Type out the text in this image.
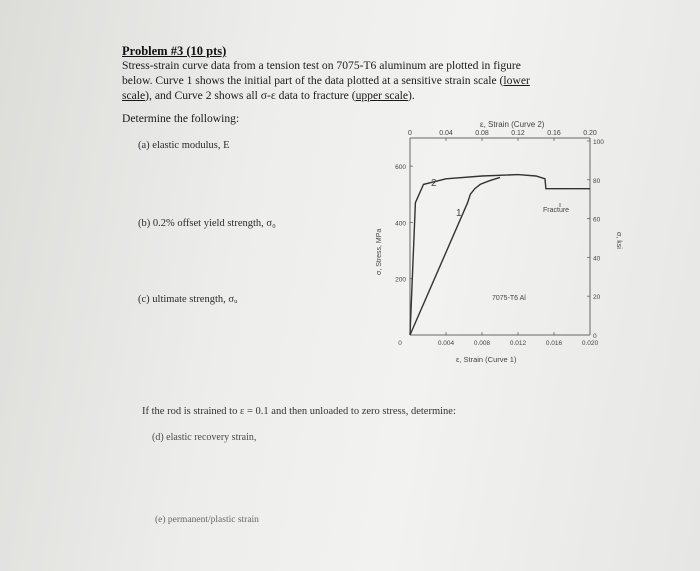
Problem #3 (10 pts)
Stress-strain curve data from a tension test on 7075-T6 aluminum are plotted in figure
below. Curve 1 shows the initial part of the data plotted at a sensitive strain scale (lower
scale), and Curve 2 shows all σ-ε data to fracture (upper scale).
Determine the following:
(a) elastic modulus, E
(b) 0.2% offset yield strength, σ₀
(c) ultimate strength, σᵤ
If the rod is strained to ε = 0.1 and then unloaded to zero stress, determine:
(d) elastic recovery strain,
(e) permanent/plastic strain
0	0.04	0.08	0.12	0.16	0.20
0	0.004	0.008	0.012	0.016	0.020
200
400
600
0
20
40
60
80
100
ε, Strain (Curve 2)
ε, Strain (Curve 1)
σ, Stress, MPa	σ, ksi
1
2
Fracture
7075-T6 Al
